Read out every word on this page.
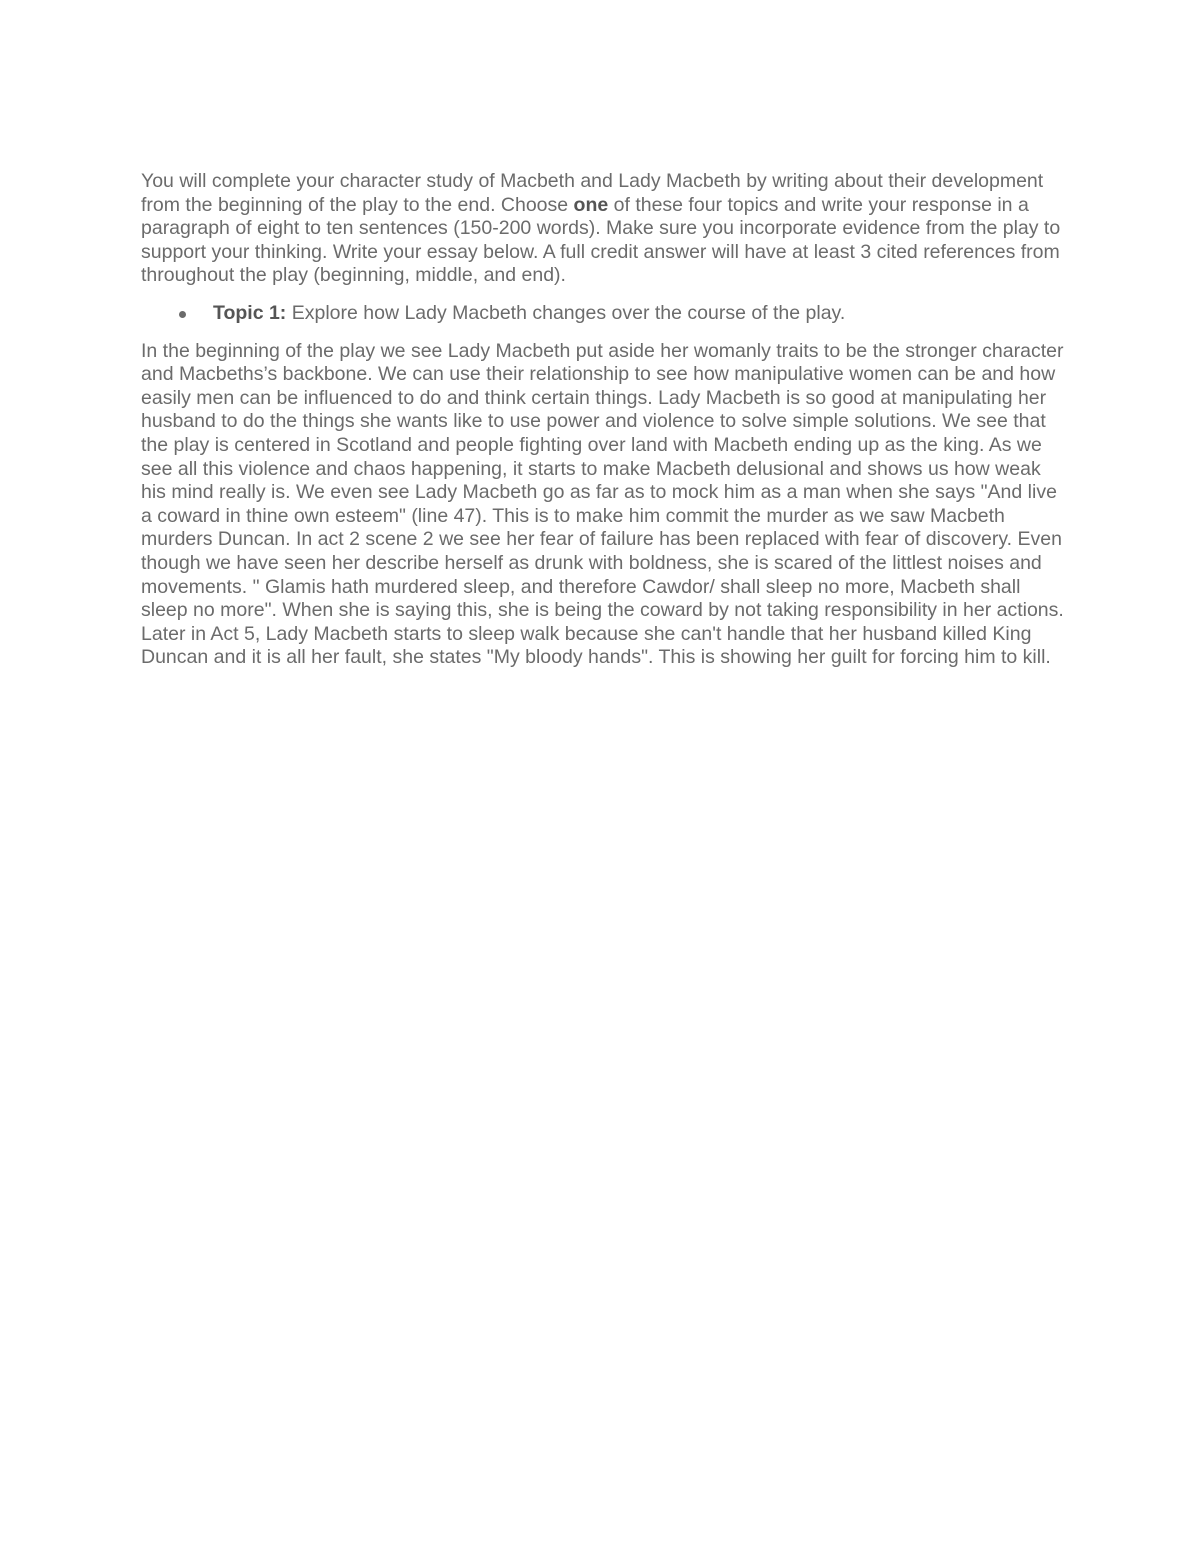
You will complete your character study of Macbeth and Lady Macbeth by writing about their development from the beginning of the play to the end. Choose one of these four topics and write your response in a paragraph of eight to ten sentences (150-200 words). Make sure you incorporate evidence from the play to support your thinking. Write your essay below. A full credit answer will have at least 3 cited references from throughout the play (beginning, middle, and end).

Topic 1: Explore how Lady Macbeth changes over the course of the play.

In the beginning of the play we see Lady Macbeth put aside her womanly traits to be the stronger character and Macbeths’s backbone. We can use their relationship to see how manipulative women can be and how easily men can be influenced to do and think certain things. Lady Macbeth is so good at manipulating her husband to do the things she wants like to use power and violence to solve simple solutions. We see that the play is centered in Scotland and people fighting over land with Macbeth ending up as the king. As we see all this violence and chaos happening, it starts to make Macbeth delusional and shows us how weak his mind really is. We even see Lady Macbeth go as far as to mock him as a man when she says "And live a coward in thine own esteem" (line 47). This is to make him commit the murder as we saw Macbeth murders Duncan. In act 2 scene 2 we see her fear of failure has been replaced with fear of discovery. Even though we have seen her describe herself as drunk with boldness, she is scared of the littlest noises and movements. " Glamis hath murdered sleep, and therefore Cawdor/ shall sleep no more, Macbeth shall sleep no more". When she is saying this, she is being the coward by not taking responsibility in her actions. Later in Act 5, Lady Macbeth starts to sleep walk because she can't handle that her husband killed King Duncan and it is all her fault, she states "My bloody hands". This is showing her guilt for forcing him to kill.
